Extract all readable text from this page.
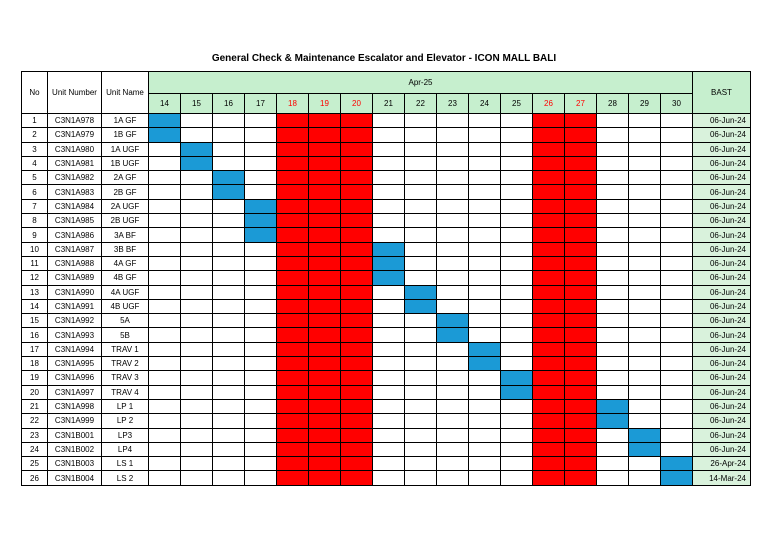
General Check & Maintenance Escalator and Elevator - ICON MALL BALI
No	Unit Number	Unit Name	Apr-25																	BAST
			14	15	16	17	18	19	20	21	22	23	24	25	26	27	28	29	30	
1	C3N1A978	1A GF																		06-Jun-24
2	C3N1A979	1B GF																		06-Jun-24
3	C3N1A980	1A UGF																		06-Jun-24
4	C3N1A981	1B UGF																		06-Jun-24
5	C3N1A982	2A GF																		06-Jun-24
6	C3N1A983	2B GF																		06-Jun-24
7	C3N1A984	2A UGF																		06-Jun-24
8	C3N1A985	2B UGF																		06-Jun-24
9	C3N1A986	3A BF																		06-Jun-24
10	C3N1A987	3B BF																		06-Jun-24
11	C3N1A988	4A GF																		06-Jun-24
12	C3N1A989	4B GF																		06-Jun-24
13	C3N1A990	4A UGF																		06-Jun-24
14	C3N1A991	4B UGF																		06-Jun-24
15	C3N1A992	5A																		06-Jun-24
16	C3N1A993	5B																		06-Jun-24
17	C3N1A994	TRAV 1																		06-Jun-24
18	C3N1A995	TRAV 2																		06-Jun-24
19	C3N1A996	TRAV 3																		06-Jun-24
20	C3N1A997	TRAV 4																		06-Jun-24
21	C3N1A998	LP 1																		06-Jun-24
22	C3N1A999	LP 2																		06-Jun-24
23	C3N1B001	LP3																		06-Jun-24
24	C3N1B002	LP4																		06-Jun-24
25	C3N1B003	LS 1																		26-Apr-24
26	C3N1B004	LS 2																		14-Mar-24
